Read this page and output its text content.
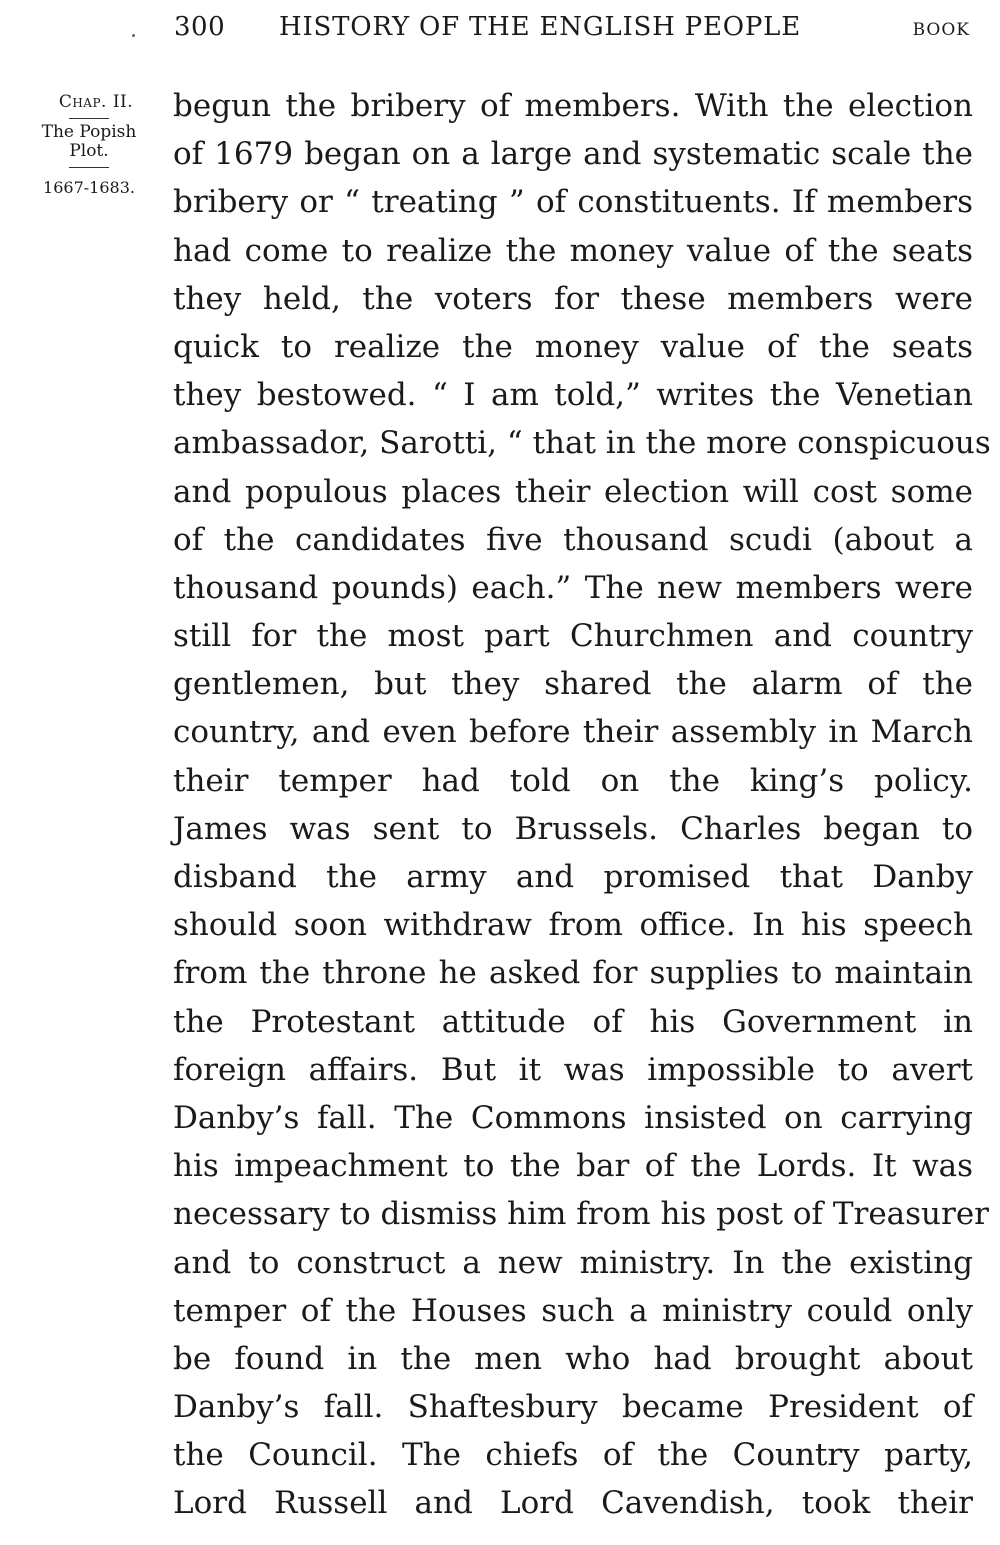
300 HISTORY OF THE ENGLISH PEOPLE	BOOK
Chap. II.
The Popish
Plot.
1667-1683.
begun the bribery of members. With the election
of 1679 began on a large and systematic scale the
bribery or “ treating ” of constituents. If members
had come to realize the money value of the seats
they held, the voters for these members were
quick to realize the money value of the seats
they bestowed. “ I am told,” writes the Venetian
ambassador, Sarotti, “ that in the more conspicuous
and populous places their election will cost some
of the candidates five thousand scudi (about a
thousand pounds) each.” The new members were
still for the most part Churchmen and country
gentlemen, but they shared the alarm of the
country, and even before their assembly in March
their temper had told on the king’s policy.
James was sent to Brussels. Charles began to
disband the army and promised that Danby
should soon withdraw from office. In his speech
from the throne he asked for supplies to maintain
the Protestant attitude of his Government in
foreign affairs. But it was impossible to avert
Danby’s fall. The Commons insisted on carrying
his impeachment to the bar of the Lords. It was
necessary to dismiss him from his post of Treasurer
and to construct a new ministry. In the existing
temper of the Houses such a ministry could only
be found in the men who had brought about
Danby’s fall. Shaftesbury became President of
the Council. The chiefs of the Country party,
Lord Russell and Lord Cavendish, took their
